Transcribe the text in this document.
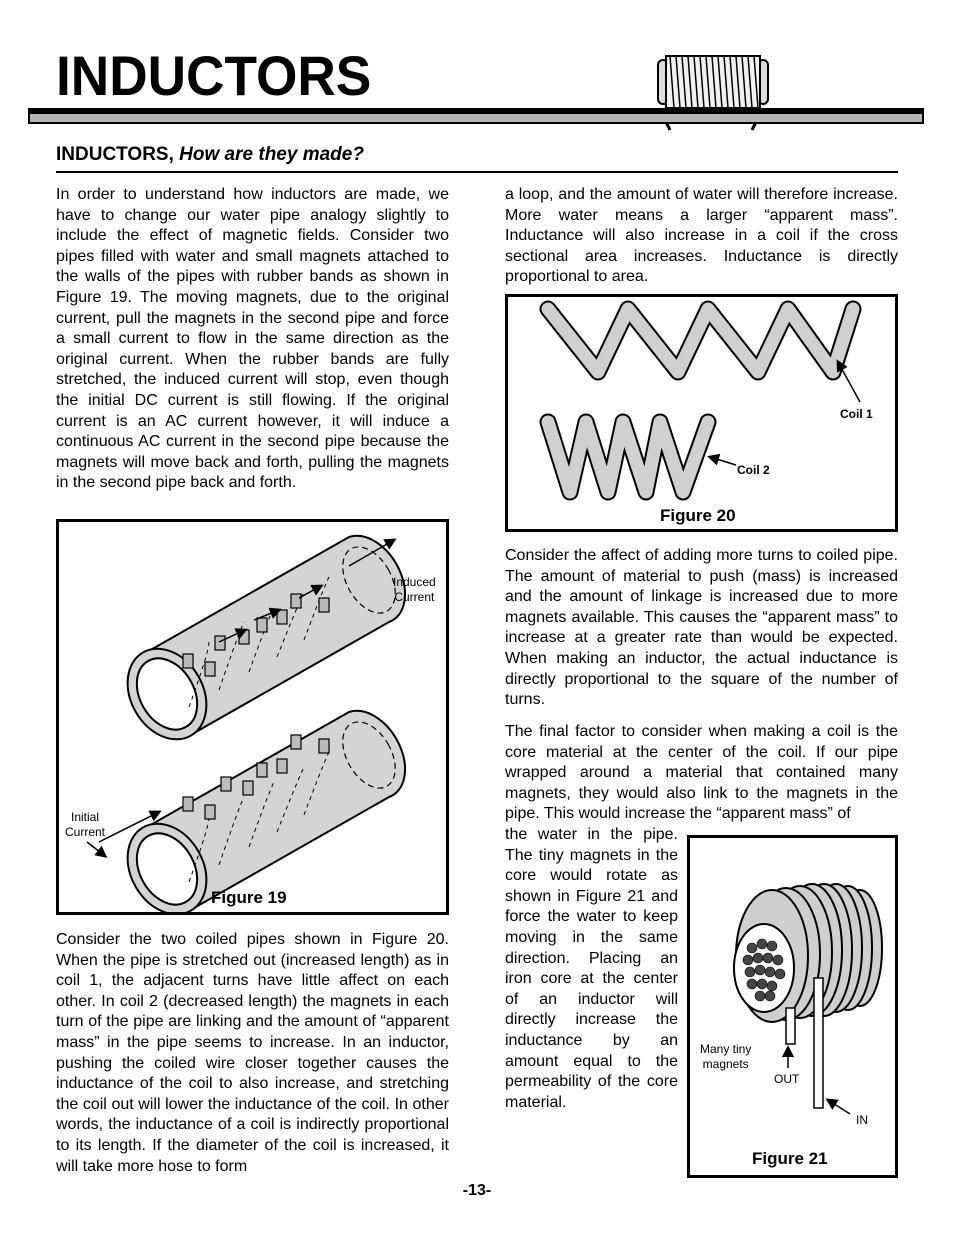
INDUCTORS
INDUCTORS, How are they made?

In order to understand how inductors are made, we have to change our water pipe analogy slightly to include the effect of magnetic fields. Consider two pipes filled with water and small magnets attached to the walls of the pipes with rubber bands as shown in Figure 19. The moving magnets, due to the original current, pull the magnets in the second pipe and force a small current to flow in the same direction as the original current. When the rubber bands are fully stretched, the induced current will stop, even though the initial DC current is still flowing. If the original current is an AC current however, it will induce a continuous AC current in the second pipe because the magnets will move back and forth, pulling the magnets in the second pipe back and forth.

Induced
Current
Initial
Current
Figure 19

Consider the two coiled pipes shown in Figure 20. When the pipe is stretched out (increased length) as in coil 1, the adjacent turns have little affect on each other. In coil 2 (decreased length) the magnets in each turn of the pipe are linking and the amount of “apparent mass” in the pipe seems to increase. In an inductor, pushing the coiled wire closer together causes the inductance of the coil to also increase, and stretching the coil out will lower the inductance of the coil. In other words, the inductance of a coil is indirectly proportional to its length. If the diameter of the coil is increased, it will take more hose to form

a loop, and the amount of water will therefore increase. More water means a larger “apparent mass”. Inductance will also increase in a coil if the cross sectional area increases. Inductance is directly proportional to area.

Coil 1
Coil 2
Figure 20

Consider the affect of adding more turns to coiled pipe. The amount of material to push (mass) is increased and the amount of linkage is increased due to more magnets available. This causes the “apparent mass” to increase at a greater rate than would be expected. When making an inductor, the actual inductance is directly proportional to the square of the number of turns.

The final factor to consider when making a coil is the core material at the center of the coil. If our pipe wrapped around a material that contained many magnets, they would also link to the magnets in the pipe. This would increase the “apparent mass” of

the water in the pipe. The tiny magnets in the core would rotate as shown in Figure 21 and force the water to keep moving in the same direction. Placing an iron core at the center of an inductor will directly increase the inductance by an amount equal to the permeability of the core material.

Many tiny
magnets
OUT
IN
Figure 21
-13-
